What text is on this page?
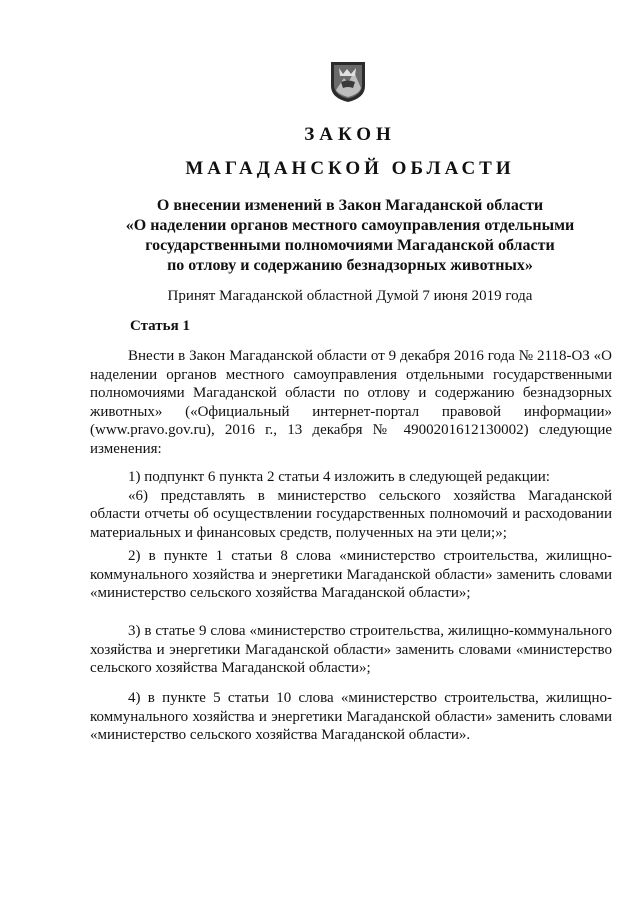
ЗАКОН
МАГАДАНСКОЙ ОБЛАСТИ
О внесении изменений в Закон Магаданской области
«О наделении органов местного самоуправления отдельными
государственными полномочиями Магаданской области
по отлову и содержанию безнадзорных животных»
Принят Магаданской областной Думой 7 июня 2019 года
Статья 1
Внести в Закон Магаданской области от 9 декабря 2016 года № 2118-ОЗ «О наделении органов местного самоуправления отдельными государственными полномочиями Магаданской области по отлову и содержанию безнадзорных животных» («Официальный интернет-портал правовой информации» (www.pravo.gov.ru), 2016 г., 13 декабря № 4900201612130002) следующие изменения:
1) подпункт 6 пункта 2 статьи 4 изложить в следующей редакции:
«6) представлять в министерство сельского хозяйства Магаданской области отчеты об осуществлении государственных полномочий и расходовании материальных и финансовых средств, полученных на эти цели;»;
2) в пункте 1 статьи 8 слова «министерство строительства, жилищно-коммунального хозяйства и энергетики Магаданской области» заменить словами «министерство сельского хозяйства Магаданской области»;
3) в статье 9 слова «министерство строительства, жилищно-коммунального хозяйства и энергетики Магаданской области» заменить словами «министерство сельского хозяйства Магаданской области»;
4) в пункте 5 статьи 10 слова «министерство строительства, жилищно-коммунального хозяйства и энергетики Магаданской области» заменить словами «министерство сельского хозяйства Магаданской области».
